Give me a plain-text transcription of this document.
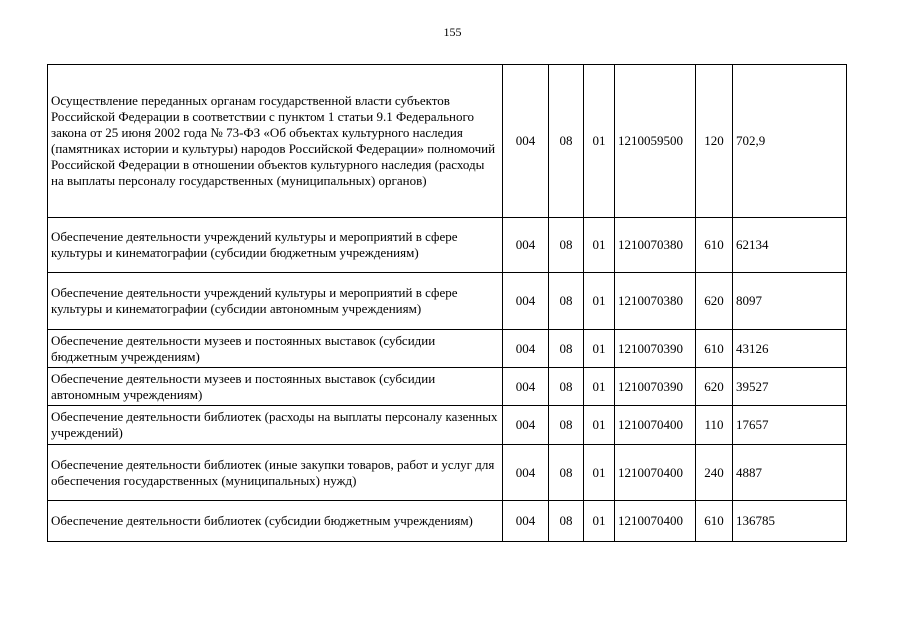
155
Осуществление переданных органам государственной власти субъектов Российской Федерации в соответствии с пунктом 1 статьи 9.1 Федерального закона от 25 июня 2002 года № 73-ФЗ «Об объектах культурного наследия (памятниках истории и культуры) народов Российской Федерации» полномочий Российской Федерации в отношении объектов культурного наследия (расходы на выплаты персоналу государственных (муниципальных) органов)	004	08	01	1210059500	120	702,9
Обеспечение деятельности учреждений культуры и мероприятий в сфере культуры и кинематографии (субсидии бюджетным учреждениям)	004	08	01	1210070380	610	62134
Обеспечение деятельности учреждений культуры и мероприятий в сфере культуры и кинематографии (субсидии автономным учреждениям)	004	08	01	1210070380	620	8097
Обеспечение деятельности музеев и постоянных выставок (субсидии бюджетным учреждениям)	004	08	01	1210070390	610	43126
Обеспечение деятельности музеев и постоянных выставок (субсидии автономным учреждениям)	004	08	01	1210070390	620	39527
Обеспечение деятельности библиотек (расходы на выплаты персоналу казенных учреждений)	004	08	01	1210070400	110	17657
Обеспечение деятельности библиотек (иные закупки товаров, работ и услуг для обеспечения государственных (муниципальных) нужд)	004	08	01	1210070400	240	4887
Обеспечение деятельности библиотек (субсидии бюджетным учреждениям)	004	08	01	1210070400	610	136785
